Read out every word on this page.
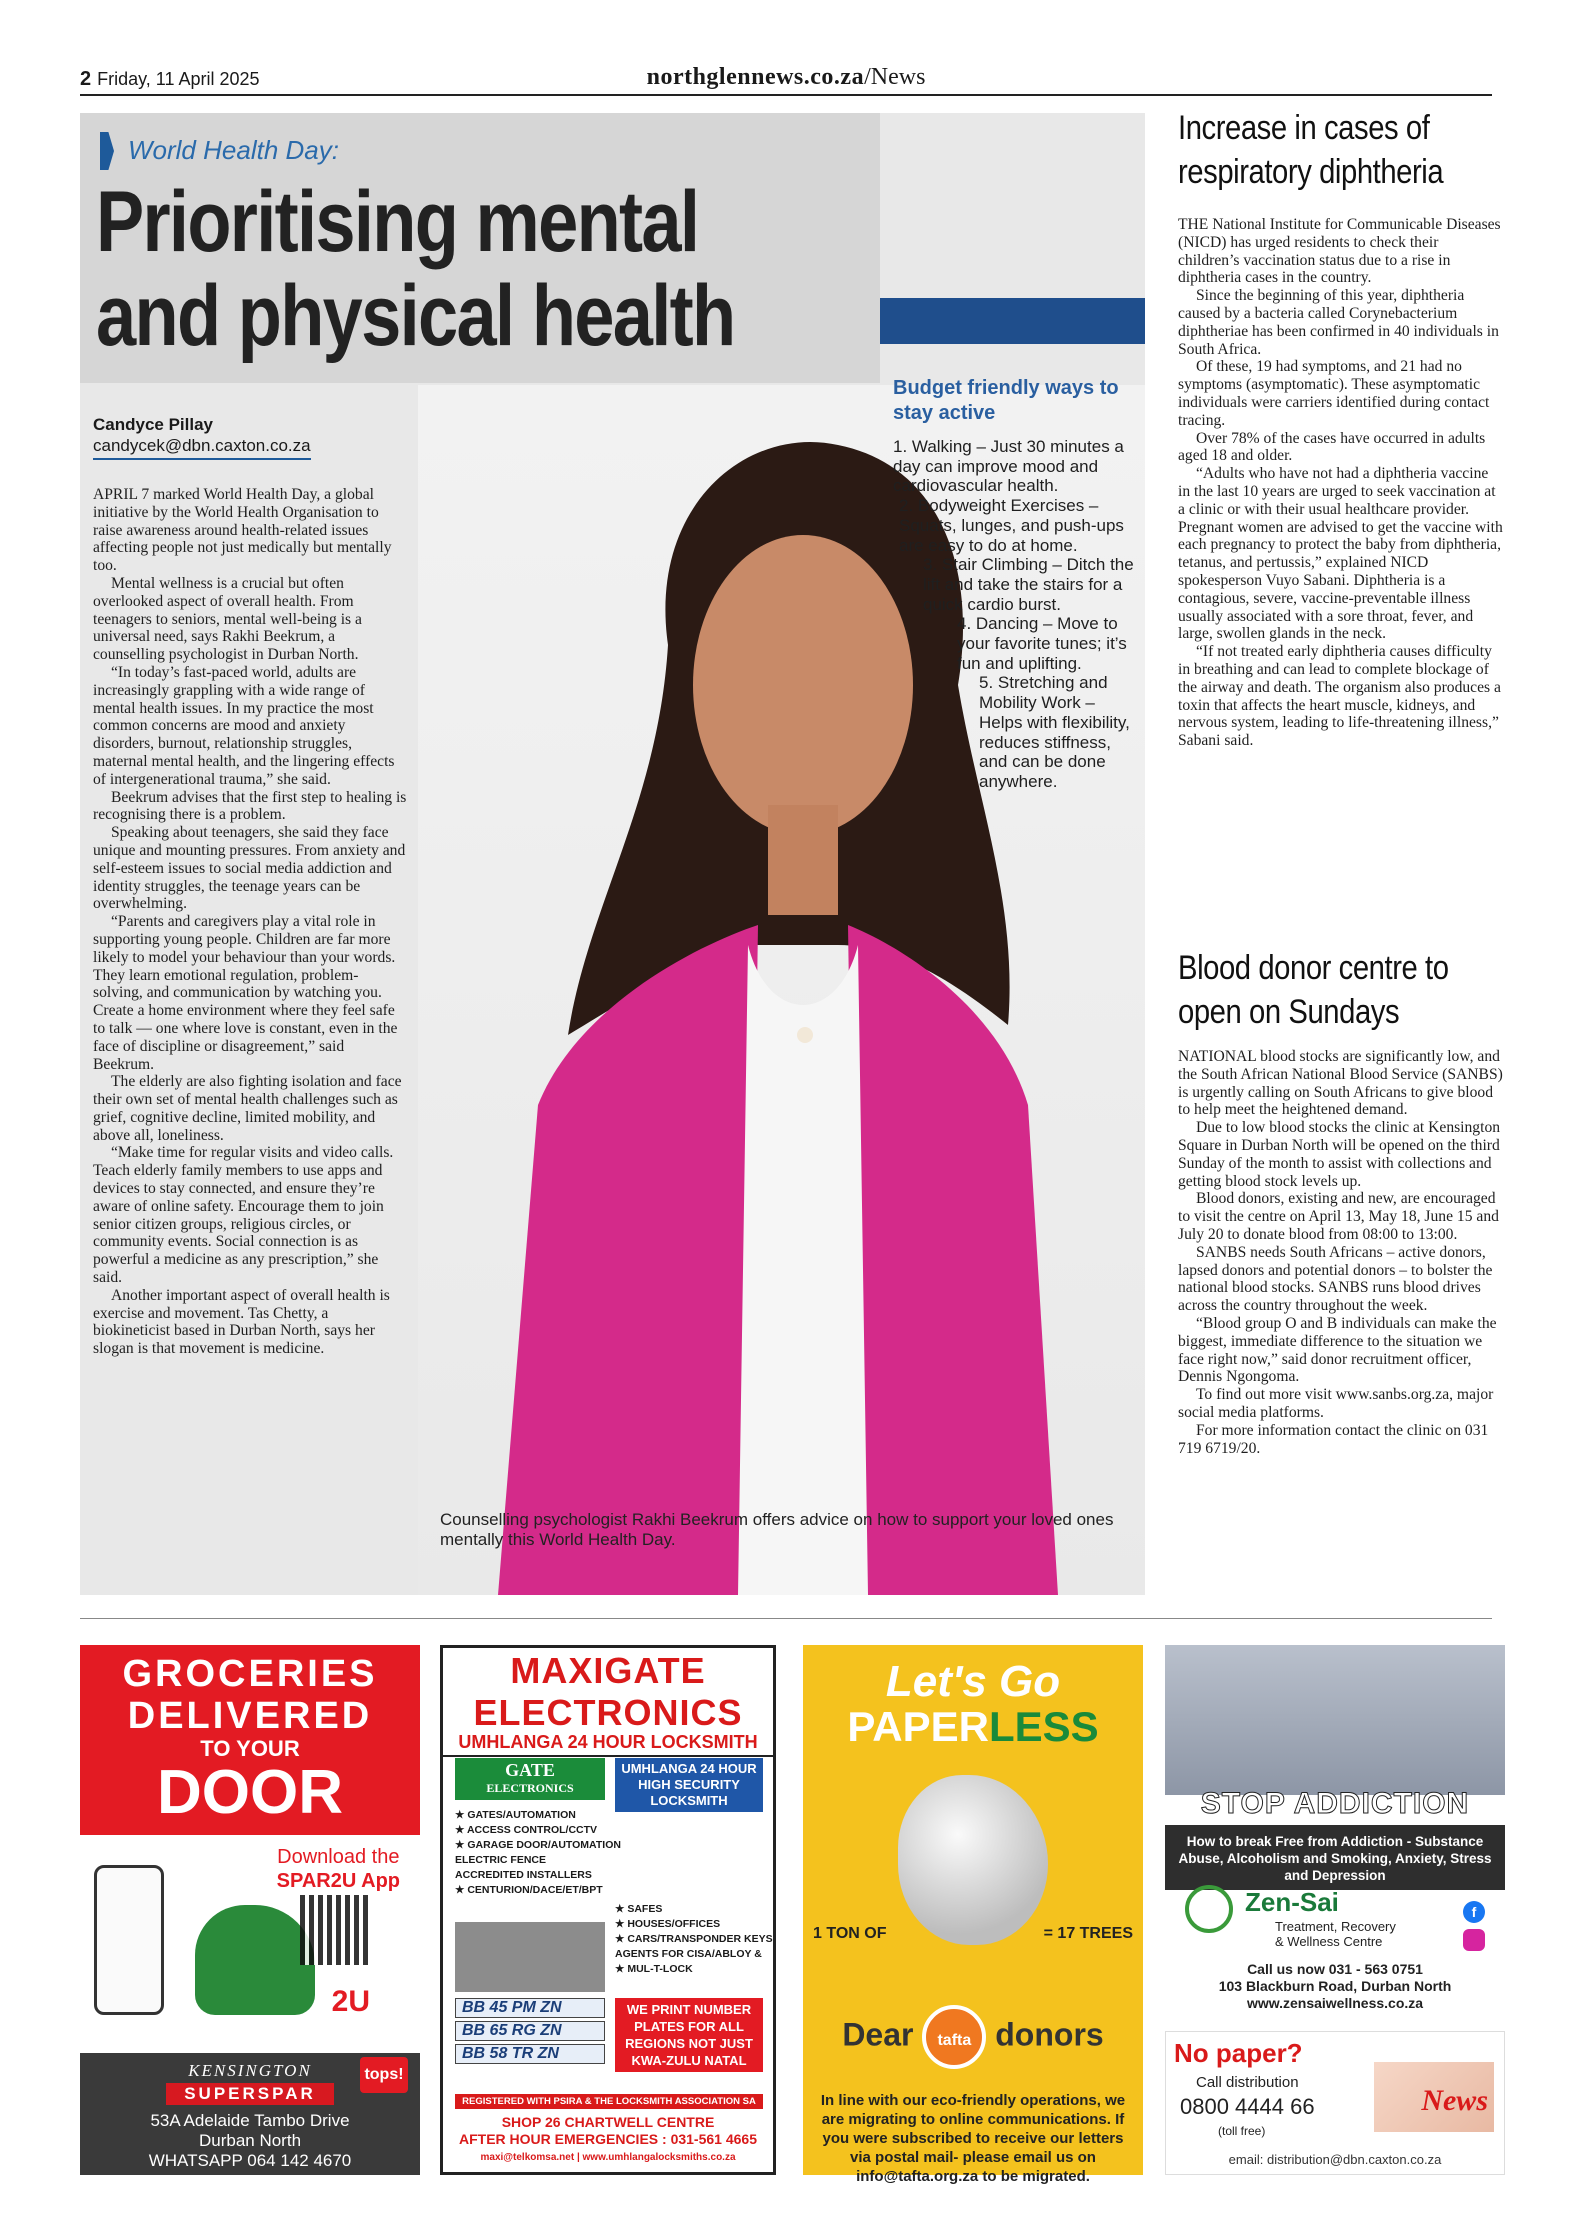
2 Friday, 11 April 2025	northglennews.co.za/News
World Health Day:
Prioritising mental
and physical health
Counselling psychologist Rakhi Beekrum offers advice on how to support your loved ones mentally this World Health Day.
Candyce Pillay
candycek@dbn.caxton.co.za

APRIL 7 marked World Health Day, a global initiative by the World Health Organisation to raise awareness around health-related issues affecting people not just medically but mentally too.

Mental wellness is a crucial but often overlooked aspect of overall health. From teenagers to seniors, mental well-being is a universal need, says Rakhi Beekrum, a counselling psychologist in Durban North.

“In today’s fast-paced world, adults are increasingly grappling with a wide range of mental health issues. In my practice the most common concerns are mood and anxiety disorders, burnout, relationship struggles, maternal mental health, and the lingering effects of intergenerational trauma,” she said.

Beekrum advises that the first step to healing is recognising there is a problem.

Speaking about teenagers, she said they face unique and mounting pressures. From anxiety and self-esteem issues to social media addiction and identity struggles, the teenage years can be overwhelming.

“Parents and caregivers play a vital role in supporting young people. Children are far more likely to model your behaviour than your words. They learn emotional regulation, problem-solving, and communication by watching you. Create a home environment where they feel safe to talk — one where love is constant, even in the face of discipline or disagreement,” said Beekrum.

The elderly are also fighting isolation and face their own set of mental health challenges such as grief, cognitive decline, limited mobility, and above all, loneliness.

“Make time for regular visits and video calls. Teach elderly family members to use apps and devices to stay connected, and ensure they’re aware of online safety. Encourage them to join senior citizen groups, religious circles, or community events. Social connection is as powerful a medicine as any prescription,” she said.

Another important aspect of overall health is exercise and movement. Tas Chetty, a biokineticist based in Durban North, says her slogan is that movement is medicine.

Budget friendly ways to stay active
1. Walking – Just 30 minutes a day can improve mood and cardiovascular health.
2. Bodyweight Exercises – Squats, lunges, and push-ups are easy to do at home.
3. Stair Climbing – Ditch the lift and take the stairs for a quick cardio burst.
4. Dancing – Move to your favorite tunes; it’s fun and uplifting.
5. Stretching and Mobility Work – Helps with flexibility, reduces stiffness, and can be done anywhere.
Increase in cases of
respiratory diphtheria

THE National Institute for Communicable Diseases (NICD) has urged residents to check their children’s vaccination status due to a rise in diphtheria cases in the country.

Since the beginning of this year, diphtheria caused by a bacteria called Corynebacterium diphtheriae has been confirmed in 40 individuals in South Africa.

Of these, 19 had symptoms, and 21 had no symptoms (asymptomatic). These asymptomatic individuals were carriers identified during contact tracing.

Over 78% of the cases have occurred in adults aged 18 and older.

“Adults who have not had a diphtheria vaccine in the last 10 years are urged to seek vaccination at a clinic or with their usual healthcare provider. Pregnant women are advised to get the vaccine with each pregnancy to protect the baby from diphtheria, tetanus, and pertussis,” explained NICD spokesperson Vuyo Sabani. Diphtheria is a contagious, severe, vaccine-preventable illness usually associated with a sore throat, fever, and large, swollen glands in the neck.

“If not treated early diphtheria causes difficulty in breathing and can lead to complete blockage of the airway and death. The organism also produces a toxin that affects the heart muscle, kidneys, and nervous system, leading to life-threatening illness,” Sabani said.

Blood donor centre to
open on Sundays

NATIONAL blood stocks are significantly low, and the South African National Blood Service (SANBS) is urgently calling on South Africans to give blood to help meet the heightened demand.

Due to low blood stocks the clinic at Kensington Square in Durban North will be opened on the third Sunday of the month to assist with collections and getting blood stock levels up.

Blood donors, existing and new, are encouraged to visit the centre on April 13, May 18, June 15 and July 20 to donate blood from 08:00 to 13:00.

SANBS needs South Africans – active donors, lapsed donors and potential donors – to bolster the national blood stocks. SANBS runs blood drives across the country throughout the week.

“Blood group O and B individuals can make the biggest, immediate difference to the situation we face right now,” said donor recruitment officer, Dennis Ngongoma.

To find out more visit www.sanbs.org.za, major social media platforms.

For more information contact the clinic on 031 719 6719/20.

GROCERIES
DELIVERED
TO YOUR
DOOR
Download the
SPAR2U App
2U
KENSINGTON
SUPERSPAR
53A Adelaide Tambo Drive
Durban North
WHATSAPP 064 142 4670
tops!
MAXIGATE
ELECTRONICS
UMHLANGA 24 HOUR LOCKSMITH
GATE
ELECTRONICS
UMHLANGA 24 HOUR HIGH SECURITY LOCKSMITH
★ GATES/AUTOMATION
★ ACCESS CONTROL/CCTV
★ GARAGE DOOR/AUTOMATION
ELECTRIC FENCE
ACCREDITED INSTALLERS
★ CENTURION/DACE/ET/BPT
★ SAFES
★ HOUSES/OFFICES
★ CARS/TRANSPONDER KEYS
AGENTS FOR CISA/ABLOY &
★ MUL-T-LOCK
BB 45 PM ZN
BB 65 RG ZN
BB 58 TR ZN
WE PRINT NUMBER PLATES FOR ALL REGIONS NOT JUST KWA-ZULU NATAL
REGISTERED WITH PSIRA & THE LOCKSMITH ASSOCIATION SA
SHOP 26 CHARTWELL CENTRE
AFTER HOUR EMERGENCIES : 031-561 4665
maxi@telkomsa.net | www.umhlangalocksmiths.co.za
Let's Go
PAPERLESS
1 TON OF	= 17 TREES
Dear tafta donors
In line with our eco-friendly operations, we are migrating to online communications. If you were subscribed to receive our letters via postal mail- please email us on info@tafta.org.za to be migrated.
STOP ADDICTION
How to break Free from Addiction - Substance Abuse, Alcoholism and Smoking, Anxiety, Stress and Depression
Zen-Sai
Treatment, Recovery
& Wellness Centre
f
Call us now 031 - 563 0751
103 Blackburn Road, Durban North
www.zensaiwellness.co.za
No paper?
Call distribution
0800 4444 66
(toll free)
News
email: distribution@dbn.caxton.co.za
